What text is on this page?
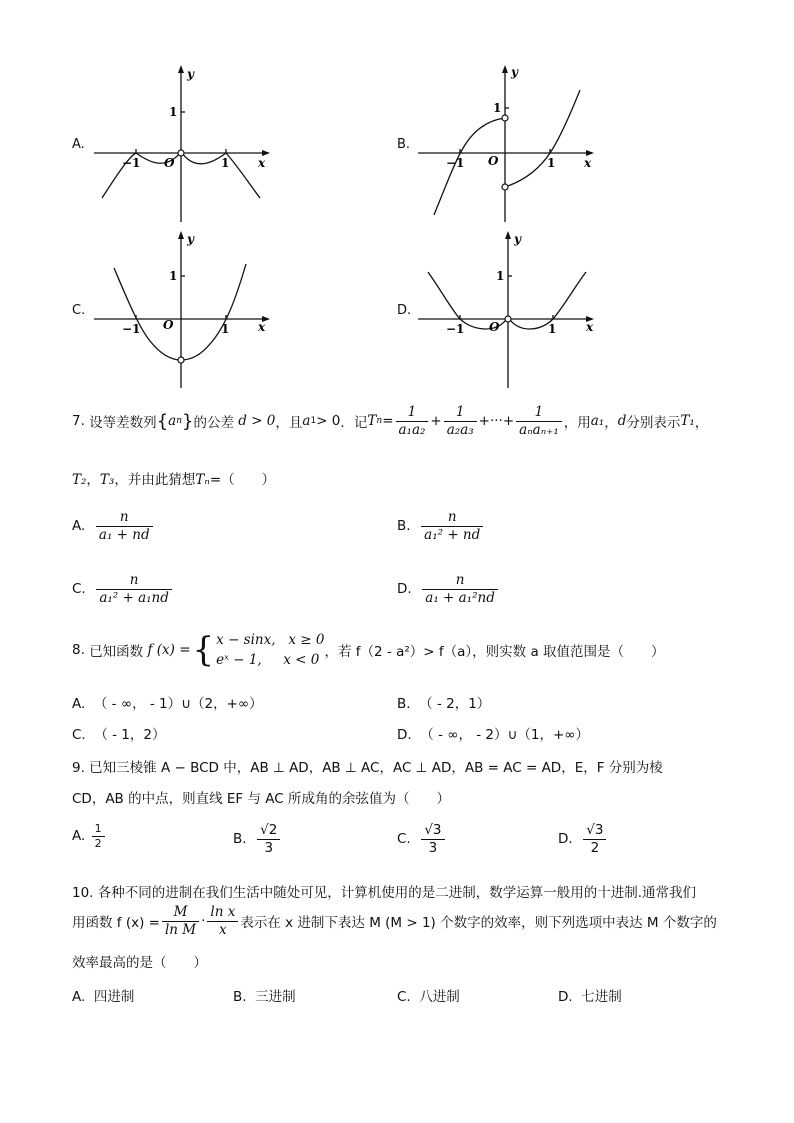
A.
y
x
1
−1 O	1
B.
y
x
1
−1 O	1
C.
y
x
1
−1 O	1
D.
y
x
1
−1 O	1
7.
设等差数列 { a n } 的公差
d > 0 ，且 a 1 > 0 ．记 T $n = \frac{1}{\text{a₁a₂}} + \frac{1}{\text{a₂a₃}}$ +···+ $\frac{1}{\text{aₙaₙ₊₁}}$ ，用 a₁ ， d 分别表示 T₁ ，
T₂，T₃，并由此猜想Tₙ=（　　）
A.
$\frac{n}{\text{a₁ + nd}}$	B.
$\frac{n}{\text{a₁² + nd}}$
C.
$\frac{n}{\text{a₁² + a₁nd}}$	D.
$\frac{n}{\text{a₁ + a₁²nd}}$
8.
已知函数
f (x) = { x − sinx, x ≥ 0
eˣ − 1, x < 0 ，若 f（2 - a²）> f（a），则实数 a 取值范围是（　　）
A. （ - ∞， - 1）∪（2，+∞）	B. （ - 2，1）
C. （ - 1，2）	D. （ - ∞， - 2）∪（1，+∞）
9. 已知三棱锥 A − BCD 中，AB ⊥ AD，AB ⊥ AC，AC ⊥ AD，AB = AC = AD，E，F 分别为棱
CD，AB 的中点，则直线 EF 与 AC 所成角的余弦值为（　　）
A.
$\frac{1}{2}$	B.
$\frac{√2}{3}$	C.
$\frac{√3}{3}$	D.
$\frac{√3}{2}$
10. 各种不同的进制在我们生活中随处可见，计算机使用的是二进制，数学运算一般用的十进制.通常我们
用函数 f $(x) = \frac{M}{\text{ln M}} \cdot \frac{\text{ln x}}{x}$ 表示在 x 进制下表达 M (M > 1) 个数字的效率，则下列选项中表达 M 个数字的
效率最高的是（　　）
A. 四进制	B. 三进制	C. 八进制	D. 七进制
